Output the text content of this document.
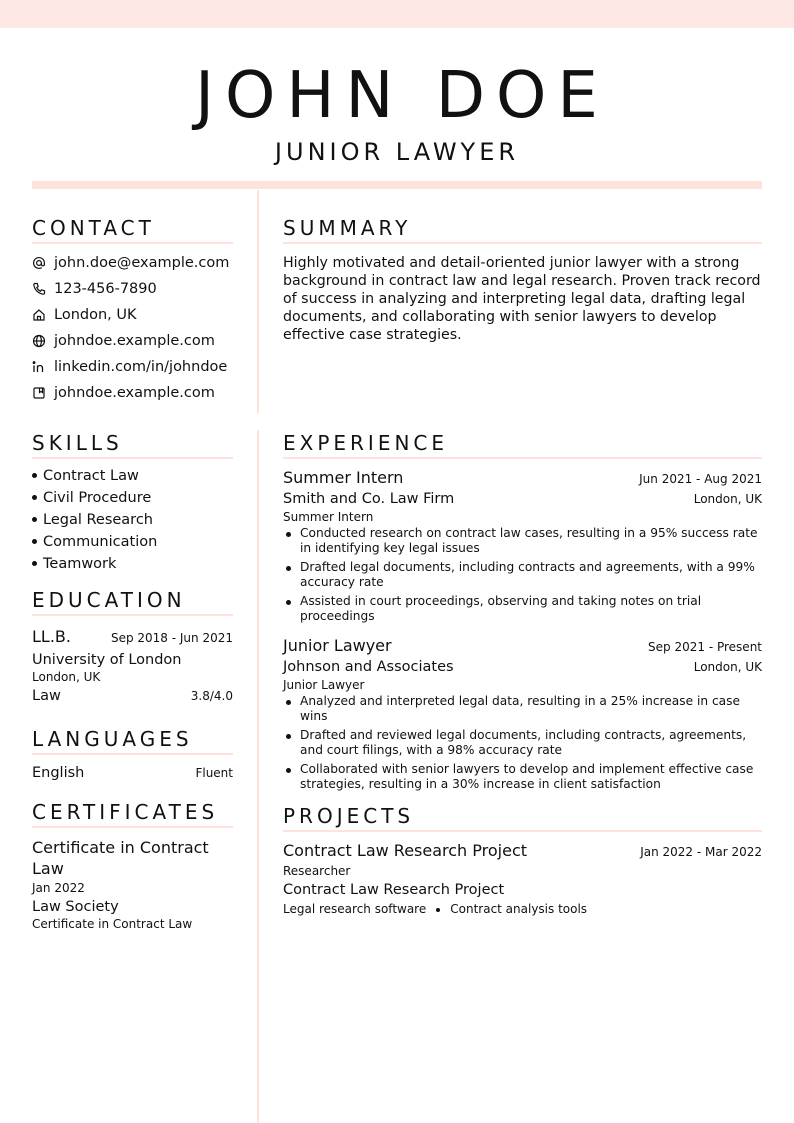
JOHN DOE
JUNIOR LAWYER
CONTACT
john.doe@example.com
123-456-7890
London, UK
johndoe.example.com
linkedin.com/in/johndoe
johndoe.example.com
SUMMARY
Highly motivated and detail-oriented junior lawyer with a strong background in contract law and legal research. Proven track record of success in analyzing and interpreting legal data, drafting legal documents, and collaborating with senior lawyers to develop effective case strategies.
SKILLS
Contract Law
Civil Procedure
Legal Research
Communication
Teamwork
EDUCATION
LL.B.	Sep 2018 - Jun 2021
University of London
London, UK
Law	3.8/4.0
LANGUAGES
English	Fluent
CERTIFICATES
Certificate in Contract Law
Jan 2022
Law Society
Certificate in Contract Law
EXPERIENCE
Summer Intern	Jun 2021 - Aug 2021
Smith and Co. Law Firm	London, UK
Summer Intern
Conducted research on contract law cases, resulting in a 95% success rate in identifying key legal issues
Drafted legal documents, including contracts and agreements, with a 99% accuracy rate
Assisted in court proceedings, observing and taking notes on trial proceedings
Junior Lawyer	Sep 2021 - Present
Johnson and Associates	London, UK
Junior Lawyer
Analyzed and interpreted legal data, resulting in a 25% increase in case wins
Drafted and reviewed legal documents, including contracts, agreements, and court filings, with a 98% accuracy rate
Collaborated with senior lawyers to develop and implement effective case strategies, resulting in a 30% increase in client satisfaction
PROJECTS
Contract Law Research Project	Jan 2022 - Mar 2022
Researcher
Contract Law Research Project
Legal research software Contract analysis tools
